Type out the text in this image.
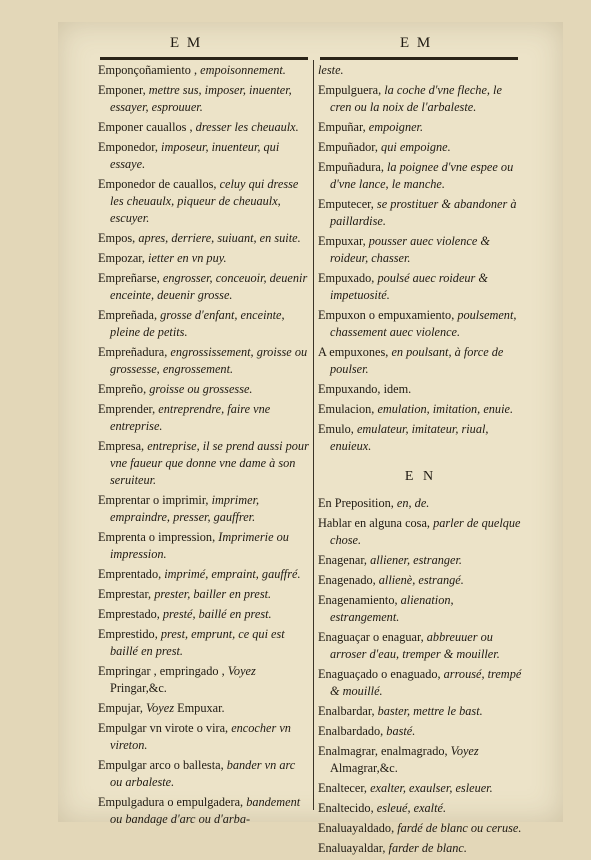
E M	E M
Emponçoñamiento , empoisonnement.
Emponer, mettre sus, imposer, inuenter, essayer, esprouuer.
Emponer cauallos , dresser les cheuaulx.
Emponedor, imposeur, inuenteur, qui essaye.
Emponedor de cauallos, celuy qui dresse les cheuaulx, piqueur de cheuaulx, escuyer.
Empos, apres, derriere, suiuant, en suite.
Empozar, ietter en vn puy.
Empreñarse, engrosser, conceuoir, deuenir enceinte, deuenir grosse.
Empreñada, grosse d'enfant, enceinte, pleine de petits.
Empreñadura, engrossissement, groisse ou grossesse, engrossement.
Empreño, groisse ou grossesse.
Emprender, entreprendre, faire vne entreprise.
Empresa, entreprise, il se prend aussi pour vne faueur que donne vne dame à son seruiteur.
Emprentar o imprimir, imprimer, empraindre, presser, gauffrer.
Emprenta o impression, Imprimerie ou impression.
Emprentado, imprimé, empraint, gauffré.
Emprestar, prester, bailler en prest.
Emprestado, presté, baillé en prest.
Emprestido, prest, emprunt, ce qui est baillé en prest.
Empringar , empringado , Voyez Pringar,&c.
Empujar, Voyez Empuxar.
Empulgar vn virote o vira, encocher vn vireton.
Empulgar arco o ballesta, bander vn arc ou arbaleste.
Empulgadura o empulgadera, bandement ou bandage d'arc ou d'arba-
leste.
Empulguera, la coche d'vne fleche, le cren ou la noix de l'arbaleste.
Empuñar, empoigner.
Empuñador, qui empoigne.
Empuñadura, la poignee d'vne espee ou d'vne lance, le manche.
Emputecer, se prostituer & abandoner à paillardise.
Empuxar, pousser auec violence & roideur, chasser.
Empuxado, poulsé auec roideur & impetuosité.
Empuxon o empuxamiento, poulsement, chassement auec violence.
A empuxones, en poulsant, à force de poulser.
Empuxando, idem.
Emulacion, emulation, imitation, enuie.
Emulo, emulateur, imitateur, riual, enuieux.
E N
En Preposition, en, de.
Hablar en alguna cosa, parler de quelque chose.
Enagenar, alliener, estranger.
Enagenado, allienè, estrangé.
Enagenamiento, alienation, estrangement.
Enaguaçar o enaguar, abbreuuer ou arroser d'eau, tremper & mouiller.
Enaguaçado o enaguado, arrousé, trempé & mouillé.
Enalbardar, baster, mettre le bast.
Enalbardado, basté.
Enalmagrar, enalmagrado, Voyez Almagrar,&c.
Enaltecer, exalter, exaulser, esleuer.
Enaltecido, esleué, exalté.
Enaluayaldado, fardé de blanc ou ceruse.
Enaluayaldar, farder de blanc.
